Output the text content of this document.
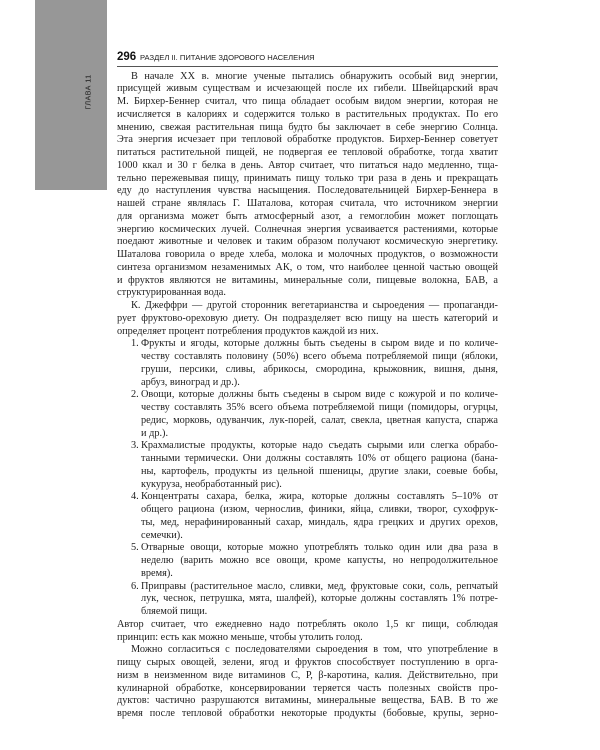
ГЛАВА 11
296 РАЗДЕЛ II. ПИТАНИЕ ЗДОРОВОГО НАСЕЛЕНИЯ
В начале XX в. многие ученые пытались обнаружить особый вид энергии,
присущей живым существам и исчезающей после их гибели. Швейцарский врач
М. Бирхер-Беннер считал, что пища обладает особым видом энергии, которая не
исчисляется в калориях и содержится только в растительных продуктах. По его
мнению, свежая растительная пища будто бы заключает в себе энергию Солнца.
Эта энергия исчезает при тепловой обработке продуктов. Бирхер-Беннер советует
питаться растительной пищей, не подвергая ее тепловой обработке, тогда хватит
1000 ккал и 30 г белка в день. Автор считает, что питаться надо медленно, тща-
тельно пережевывая пищу, принимать пищу только три раза в день и прекращать
еду до наступления чувства насыщения. Последовательницей Бирхер-Беннера в
нашей стране являлась Г. Шаталова, которая считала, что источником энергии
для организма может быть атмосферный азот, а гемоглобин может поглощать
энергию космических лучей. Солнечная энергия усваивается растениями, которые
поедают животные и человек и таким образом получают космическую энергетику.
Шаталова говорила о вреде хлеба, молока и молочных продуктов, о возможности
синтеза организмом незаменимых АК, о том, что наиболее ценной частью овощей
и фруктов являются не витамины, минеральные соли, пищевые волокна, БАВ, а
структурированная вода.
К. Джеффри — другой сторонник вегетарианства и сыроедения — пропаганди-
рует фруктово-ореховую диету. Он подразделяет всю пищу на шесть категорий и
определяет процент потребления продуктов каждой из них.
1. Фрукты и ягоды, которые должны быть съедены в сыром виде и по количе-
честву составлять половину (50%) всего объема потребляемой пищи (яблоки,
груши, персики, сливы, абрикосы, смородина, крыжовник, вишня, дыня,
арбуз, виноград и др.).
2. Овощи, которые должны быть съедены в сыром виде с кожурой и по количе-
честву составлять 35% всего объема потребляемой пищи (помидоры, огурцы,
редис, морковь, одуванчик, лук-порей, салат, свекла, цветная капуста, спаржа
и др.).
3. Крахмалистые продукты, которые надо съедать сырыми или слегка обрабо-
танными термически. Они должны составлять 10% от общего рациона (бана-
ны, картофель, продукты из цельной пшеницы, другие злаки, соевые бобы,
кукуруза, необработанный рис).
4. Концентраты сахара, белка, жира, которые должны составлять 5–10% от
общего рациона (изюм, чернослив, финики, яйца, сливки, творог, сухофрук-
ты, мед, нерафинированный сахар, миндаль, ядра грецких и других орехов,
семечки).
5. Отварные овощи, которые можно употреблять только один или два раза в
неделю (варить можно все овощи, кроме капусты, но непродолжительное
время).
6. Приправы (растительное масло, сливки, мед, фруктовые соки, соль, репчатый
лук, чеснок, петрушка, мята, шалфей), которые должны составлять 1% потре-
бляемой пищи.
Автор считает, что ежедневно надо потреблять около 1,5 кг пищи, соблюдая
принцип: есть как можно меньше, чтобы утолить голод.
Можно согласиться с последователями сыроедения в том, что употребление в
пищу сырых овощей, зелени, ягод и фруктов способствует поступлению в орга-
низм в неизменном виде витаминов С, Р, β-каротина, калия. Действительно, при
кулинарной обработке, консервировании теряется часть полезных свойств про-
дуктов: частично разрушаются витамины, минеральные вещества, БАВ. В то же
время после тепловой обработки некоторые продукты (бобовые, крупы, зерно-
